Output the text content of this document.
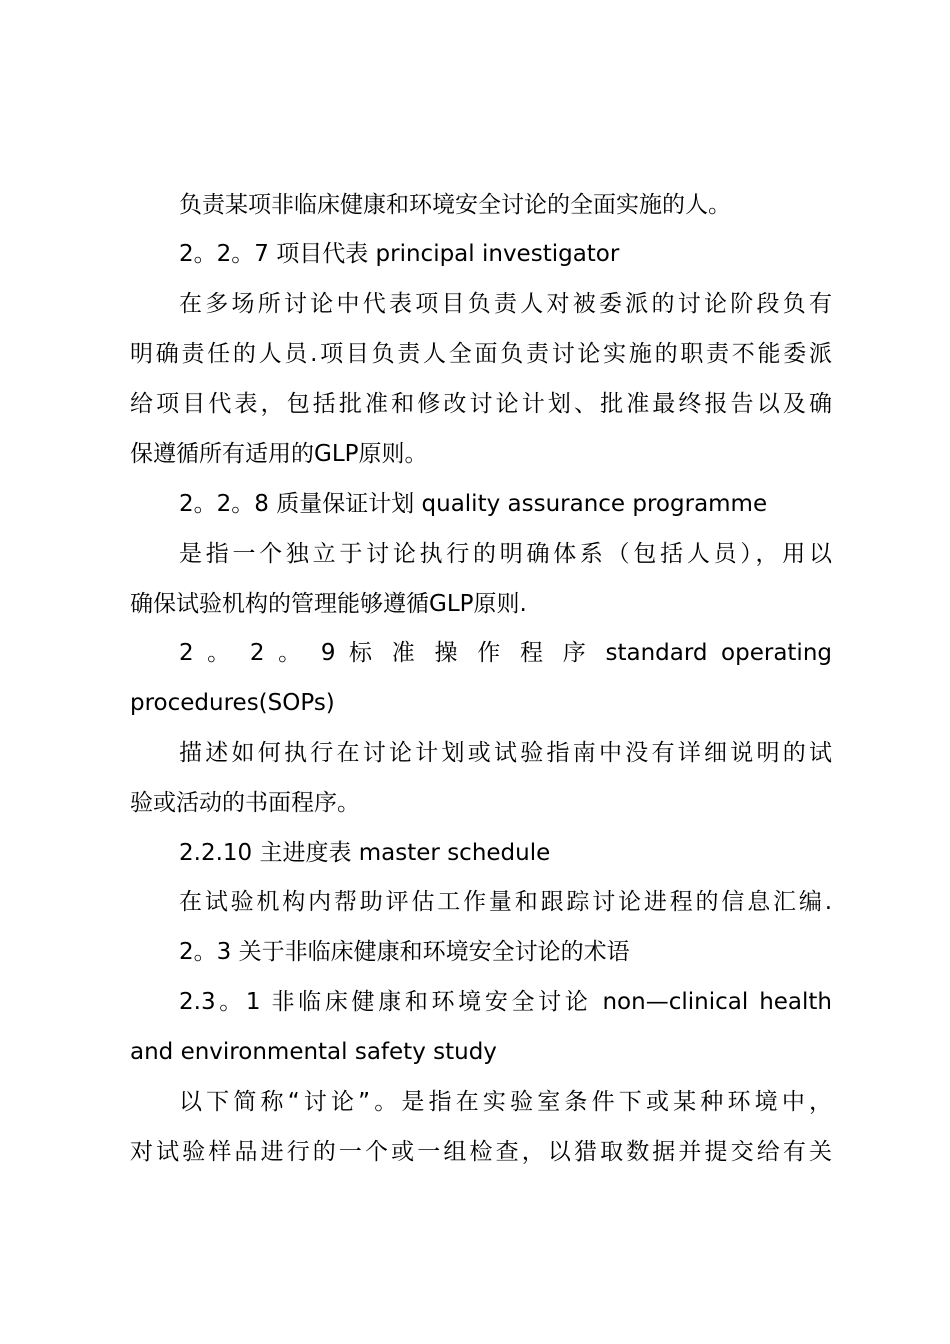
负责某项非临床健康和环境安全讨论的全面实施的人。
2。2。7 项目代表 principal investigator
在多场所讨论中代表项目负责人对被委派的讨论阶段负有
明确责任的人员.项目负责人全面负责讨论实施的职责不能委派
给项目代表，包括批准和修改讨论计划、批准最终报告以及确
保遵循所有适用的GLP原则。
2。2。8 质量保证计划 quality assurance programme
是指一个独立于讨论执行的明确体系（包括人员），用以
确保试验机构的管理能够遵循GLP原则.
2 。 2 。 9 标 准 操 作 程 序 standard operating
procedures(SOPs)
描述如何执行在讨论计划或试验指南中没有详细说明的试
验或活动的书面程序。
2.2.10 主进度表 master schedule
在试验机构内帮助评估工作量和跟踪讨论进程的信息汇编.
2。3 关于非临床健康和环境安全讨论的术语
2.3。1 非临床健康和环境安全讨论 non—clinical health
and environmental safety study
以下简称“讨论”。是指在实验室条件下或某种环境中，
对试验样品进行的一个或一组检查，以猎取数据并提交给有关
